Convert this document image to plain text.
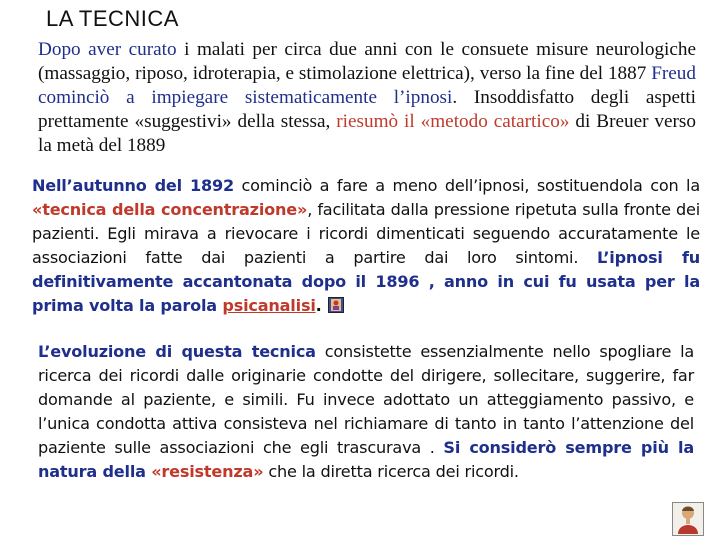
LA TECNICA
Dopo aver curato i malati per circa due anni con le consuete misure neurologiche (massaggio, riposo, idroterapia, e stimolazione elettrica), verso la fine del 1887 Freud cominciò a impiegare sistematicamente l’ipnosi. Insoddisfatto degli aspetti prettamente «suggestivi» della stessa, riesumò il «metodo catartico» di Breuer verso la metà del 1889
Nell’autunno del 1892 cominciò a fare a meno dell’ipnosi, sostituendola con la «tecnica della concentrazione», facilitata dalla pressione ripetuta sulla fronte dei pazienti. Egli mirava a rievocare i ricordi dimenticati seguendo accuratamente le associazioni fatte dai pazienti a partire dai loro sintomi. L’ipnosi fu definitivamente accantonata dopo il 1896 , anno in cui fu usata per la prima volta la parola psicanalisi.
L’evoluzione di questa tecnica consistette essenzialmente nello spogliare la ricerca dei ricordi dalle originarie condotte del dirigere, sollecitare, suggerire, far domande al paziente, e simili. Fu invece adottato un atteggiamento passivo, e l’unica condotta attiva consisteva nel richiamare di tanto in tanto l’attenzione del paziente sulle associazioni che egli trascurava . Si considerò sempre più la natura della «resistenza» che la diretta ricerca dei ricordi.
